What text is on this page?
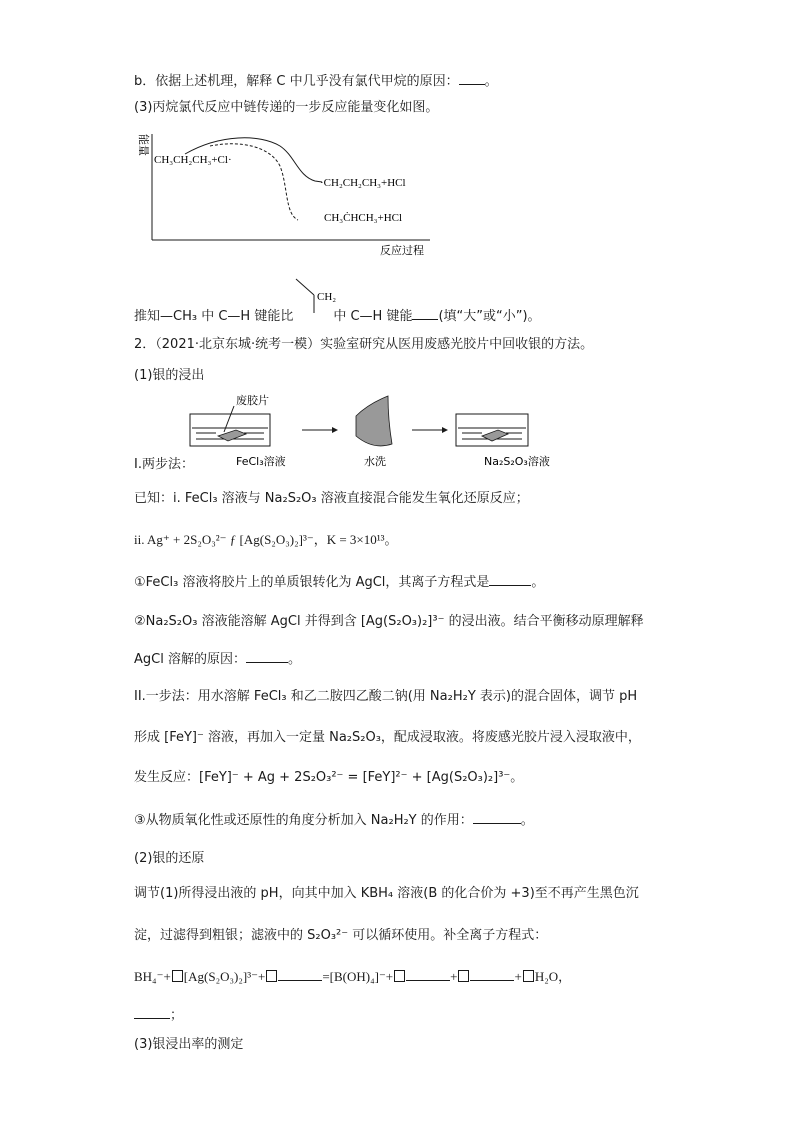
b．依据上述机理，解释 C 中几乎没有氯代甲烷的原因： 。
(3)丙烷氯代反应中链传递的一步反应能量变化如图。
能量
反应过程
CH₃CH₂CH₃+Cl·
·CH₂CH₂CH₃+HCl
CH₃ĊHCH₃+HCl
CH₂
推知—CH₃ 中 C—H 键能比	中 C—H 键能 (填“大”或“小”)。
2．（2021·北京东城·统考一模）实验室研究从医用废感光胶片中回收银的方法。
(1)银的浸出
废胶片
FeCl₃溶液	水洗	Na₂S₂O₃溶液
I.两步法：
已知：i. FeCl₃ 溶液与 Na₂S₂O₃ 溶液直接混合能发生氧化还原反应；
ii. Ag⁺ + 2S₂O₃²⁻ ƒ [Ag(S₂O₃)₂]³⁻，K = 3×10¹³。
①FeCl₃ 溶液将胶片上的单质银转化为 AgCl，其离子方程式是	。
②Na₂S₂O₃ 溶液能溶解 AgCl 并得到含 [Ag(S₂O₃)₂]³⁻ 的浸出液。结合平衡移动原理解释
AgCl 溶解的原因：	。
II.一步法：用水溶解 FeCl₃ 和乙二胺四乙酸二钠(用 Na₂H₂Y 表示)的混合固体，调节 pH
形成 [FeY]⁻ 溶液，再加入一定量 Na₂S₂O₃，配成浸取液。将废感光胶片浸入浸取液中，
发生反应：[FeY]⁻ + Ag + 2S₂O₃²⁻ = [FeY]²⁻ + [Ag(S₂O₃)₂]³⁻。
③从物质氧化性或还原性的角度分析加入 Na₂H₂Y 的作用：	。
(2)银的还原
调节(1)所得浸出液的 pH，向其中加入 KBH₄ 溶液(B 的化合价为 +3)至不再产生黑色沉
淀，过滤得到粗银；滤液中的 S₂O₃²⁻ 可以循环使用。补全离子方程式：
BH₄⁻+ [Ag(S₂O₃)₂]³⁻+	=[B(OH)₄]⁻+	+	+ H₂O，
；
(3)银浸出率的测定
